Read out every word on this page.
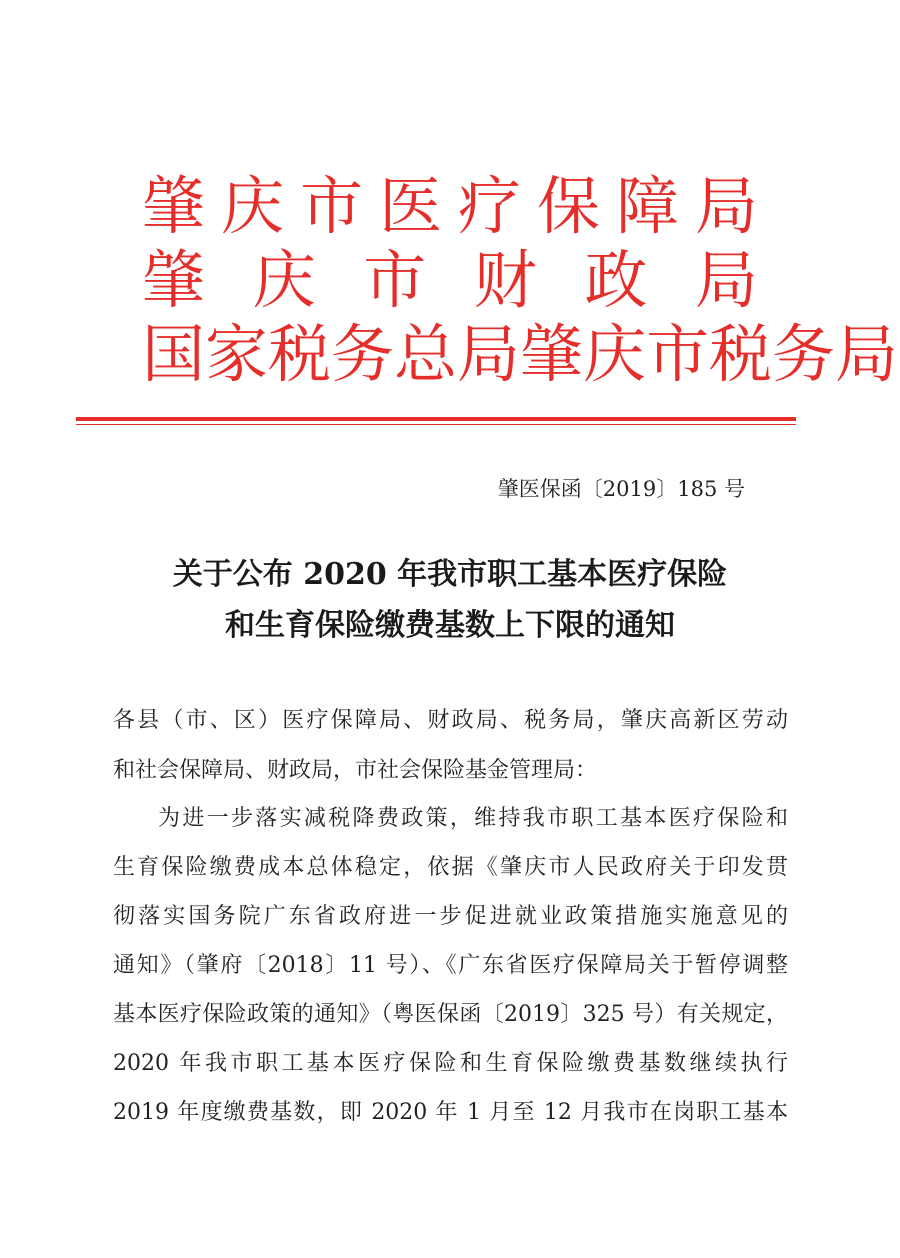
肇 庆 市 医 疗 保 障 局
肇 庆 市 财 政 局
国 家 税 务 总 局 肇 庆 市 税 务 局
肇医保函〔2019〕185 号
关于公布 2020 年我市职工基本医疗保险
和生育保险缴费基数上下限的通知
各县（市、区）医疗保障局、财政局、税务局，肇庆高新区劳动
和社会保障局、财政局，市社会保险基金管理局：
为进一步落实减税降费政策，维持我市职工基本医疗保险和
生育保险缴费成本总体稳定，依据《肇庆市人民政府关于印发贯
彻落实国务院广东省政府进一步促进就业政策措施实施意见的
通知》（肇府〔2018〕11 号）、《广东省医疗保障局关于暂停调整
基本医疗保险政策的通知》（粤医保函〔2019〕325 号）有关规定，
2020 年我市职工基本医疗保险和生育保险缴费基数继续执行
2019 年度缴费基数，即 2020 年 1 月至 12 月我市在岗职工基本
